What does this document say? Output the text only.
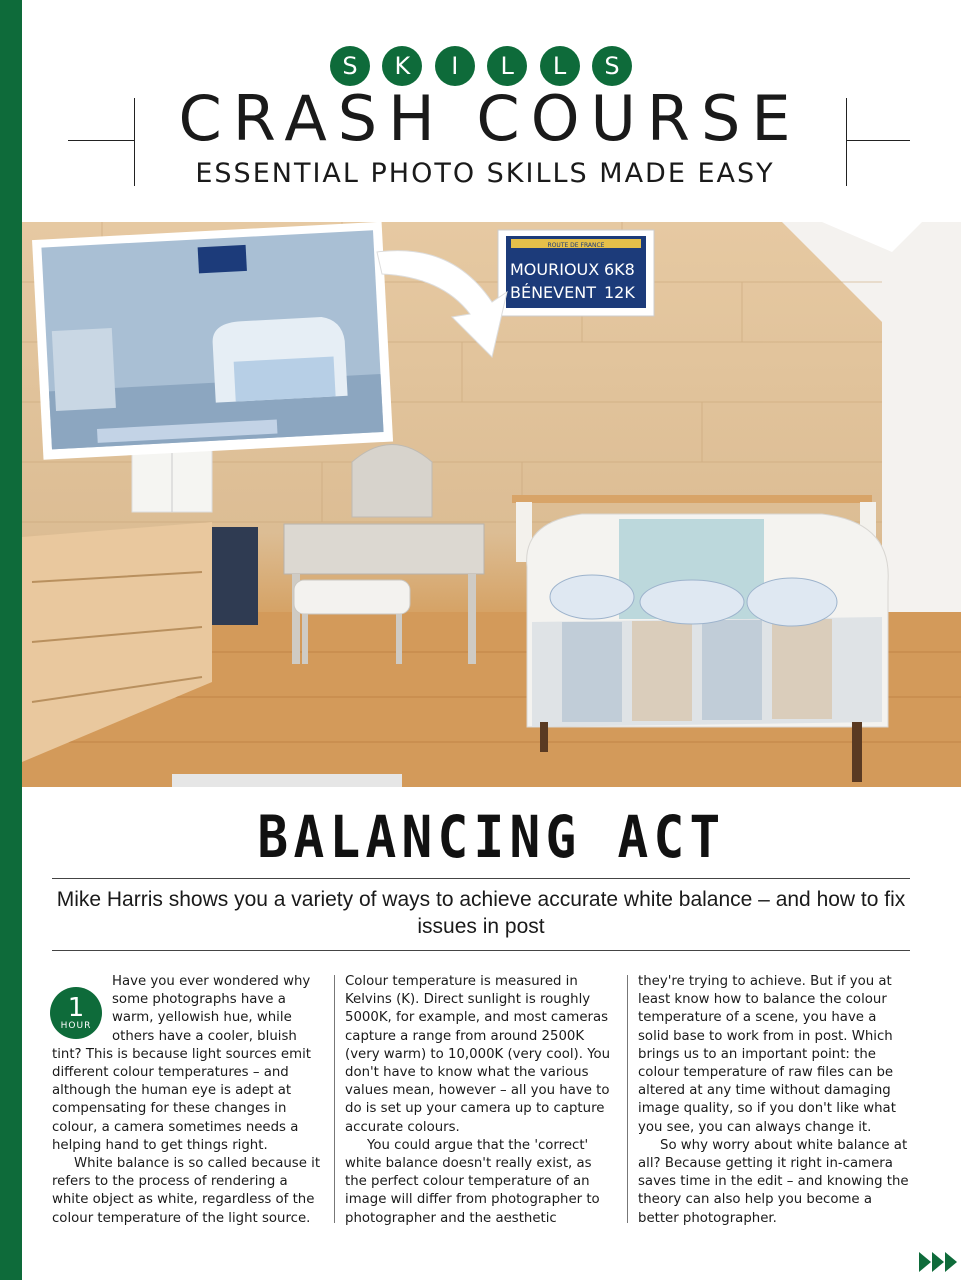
S	K	I	L	L	S
CRASH COURSE
ESSENTIAL PHOTO SKILLS MADE EASY
ROUTE DE FRANCE
MOURIOUX 6K8
BÉNEVENT 12K
BALANCING ACT
Mike Harris shows you a variety of ways to achieve accurate white balance – and how to fix issues in post
1
HOUR

Have you ever wondered why some photographs have a warm, yellowish hue, while others have a cooler, bluish tint? This is because light sources emit different colour temperatures – and although the human eye is adept at compensating for these changes in colour, a camera sometimes needs a helping hand to get things right.

White balance is so called because it refers to the process of rendering a white object as white, regardless of the colour temperature of the light source.

Colour temperature is measured in Kelvins (K). Direct sunlight is roughly 5000K, for example, and most cameras capture a range from around 2500K (very warm) to 10,000K (very cool). You don't have to know what the various values mean, however – all you have to do is set up your camera up to capture accurate colours.

You could argue that the 'correct' white balance doesn't really exist, as the perfect colour temperature of an image will differ from photographer to photographer and the aesthetic

they're trying to achieve. But if you at least know how to balance the colour temperature of a scene, you have a solid base to work from in post. Which brings us to an important point: the colour temperature of raw files can be altered at any time without damaging image quality, so if you don't like what you see, you can always change it.

So why worry about white balance at all? Because getting it right in-camera saves time in the edit – and knowing the theory can also help you become a better photographer.
